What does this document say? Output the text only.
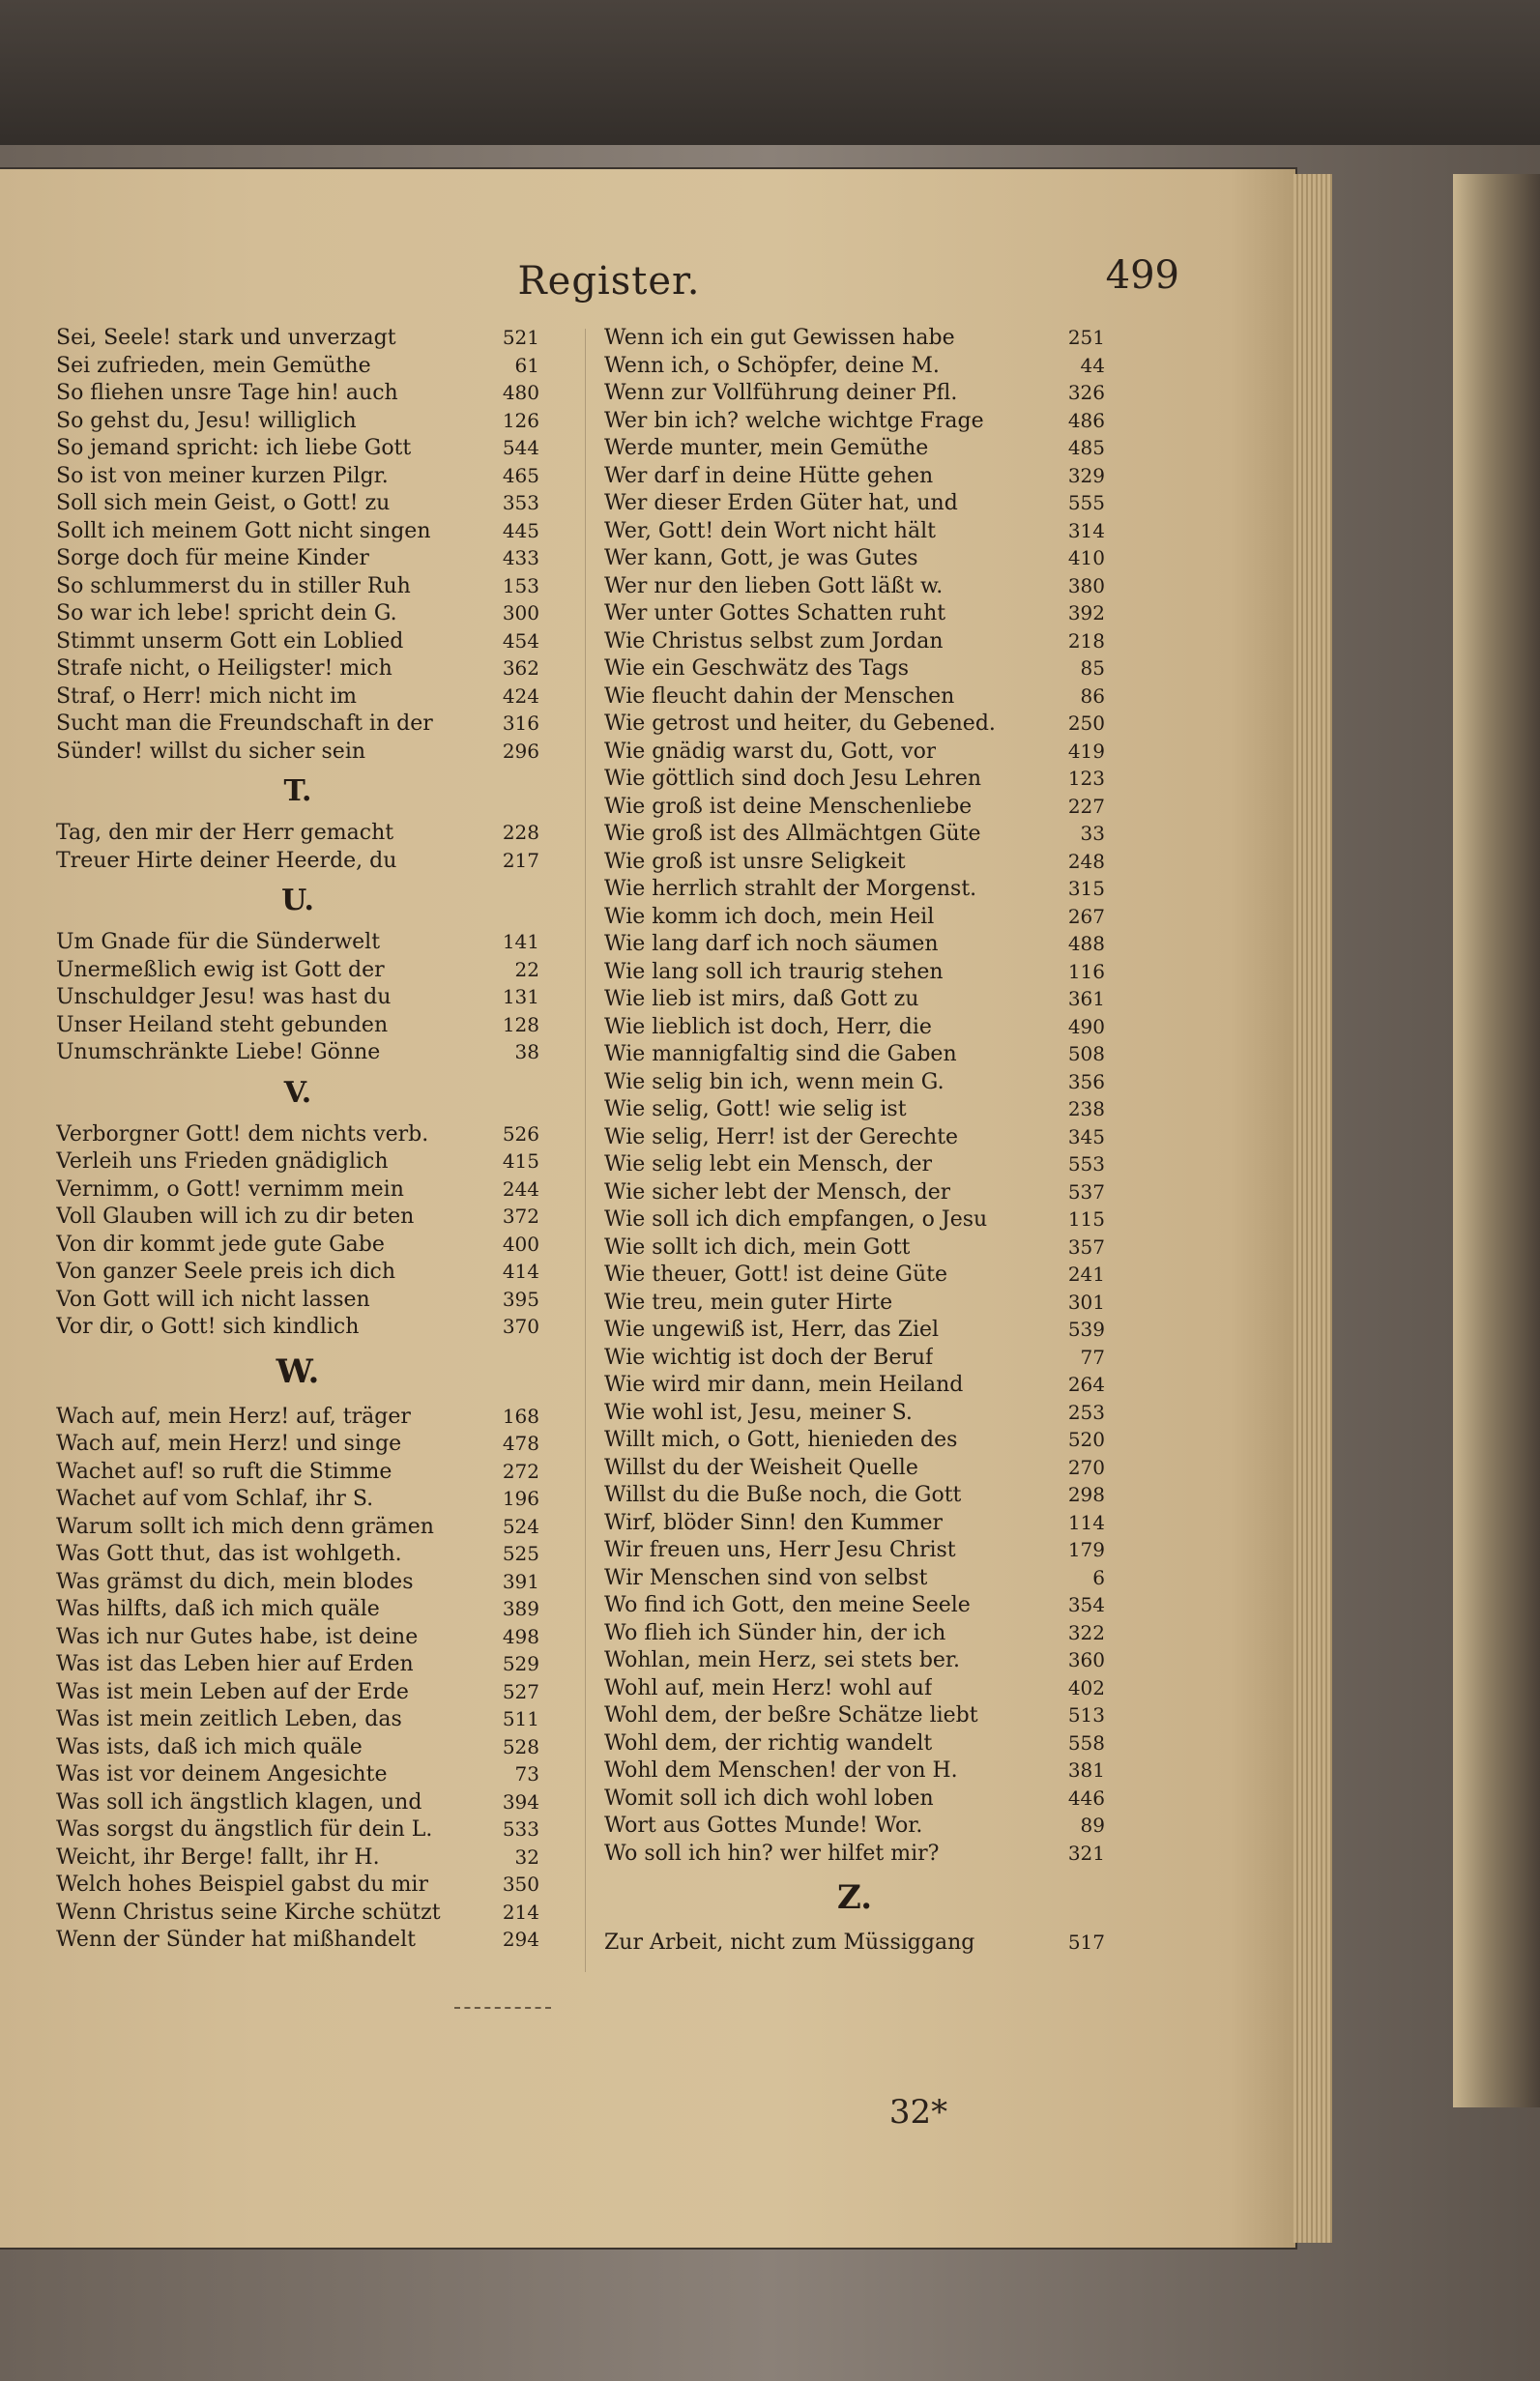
Register.	499
Sei, Seele! stark und unverzagt	521
Sei zufrieden, mein Gemüthe	61
So fliehen unsre Tage hin! auch	480
So gehst du, Jesu! williglich	126
So jemand spricht: ich liebe Gott	544
So ist von meiner kurzen Pilgr.	465
Soll sich mein Geist, o Gott! zu	353
Sollt ich meinem Gott nicht singen	445
Sorge doch für meine Kinder	433
So schlummerst du in stiller Ruh	153
So war ich lebe! spricht dein G.	300
Stimmt unserm Gott ein Loblied	454
Strafe nicht, o Heiligster! mich	362
Straf, o Herr! mich nicht im	424
Sucht man die Freundschaft in der	316
Sünder! willst du sicher sein	296
T.
Tag, den mir der Herr gemacht	228
Treuer Hirte deiner Heerde, du	217
U.
Um Gnade für die Sünderwelt	141
Unermeßlich ewig ist Gott der	22
Unschuldger Jesu! was hast du	131
Unser Heiland steht gebunden	128
Unumschränkte Liebe! Gönne	38
V.
Verborgner Gott! dem nichts verb.	526
Verleih uns Frieden gnädiglich	415
Vernimm, o Gott! vernimm mein	244
Voll Glauben will ich zu dir beten	372
Von dir kommt jede gute Gabe	400
Von ganzer Seele preis ich dich	414
Von Gott will ich nicht lassen	395
Vor dir, o Gott! sich kindlich	370
W.
Wach auf, mein Herz! auf, träger	168
Wach auf, mein Herz! und singe	478
Wachet auf! so ruft die Stimme	272
Wachet auf vom Schlaf, ihr S.	196
Warum sollt ich mich denn grämen	524
Was Gott thut, das ist wohlgeth.	525
Was grämst du dich, mein blodes	391
Was hilfts, daß ich mich quäle	389
Was ich nur Gutes habe, ist deine	498
Was ist das Leben hier auf Erden	529
Was ist mein Leben auf der Erde	527
Was ist mein zeitlich Leben, das	511
Was ists, daß ich mich quäle	528
Was ist vor deinem Angesichte	73
Was soll ich ängstlich klagen, und	394
Was sorgst du ängstlich für dein L.	533
Weicht, ihr Berge! fallt, ihr H.	32
Welch hohes Beispiel gabst du mir	350
Wenn Christus seine Kirche schützt	214
Wenn der Sünder hat mißhandelt	294
Wenn ich ein gut Gewissen habe	251
Wenn ich, o Schöpfer, deine M.	44
Wenn zur Vollführung deiner Pfl.	326
Wer bin ich? welche wichtge Frage	486
Werde munter, mein Gemüthe	485
Wer darf in deine Hütte gehen	329
Wer dieser Erden Güter hat, und	555
Wer, Gott! dein Wort nicht hält	314
Wer kann, Gott, je was Gutes	410
Wer nur den lieben Gott läßt w.	380
Wer unter Gottes Schatten ruht	392
Wie Christus selbst zum Jordan	218
Wie ein Geschwätz des Tags	85
Wie fleucht dahin der Menschen	86
Wie getrost und heiter, du Gebened.	250
Wie gnädig warst du, Gott, vor	419
Wie göttlich sind doch Jesu Lehren	123
Wie groß ist deine Menschenliebe	227
Wie groß ist des Allmächtgen Güte	33
Wie groß ist unsre Seligkeit	248
Wie herrlich strahlt der Morgenst.	315
Wie komm ich doch, mein Heil	267
Wie lang darf ich noch säumen	488
Wie lang soll ich traurig stehen	116
Wie lieb ist mirs, daß Gott zu	361
Wie lieblich ist doch, Herr, die	490
Wie mannigfaltig sind die Gaben	508
Wie selig bin ich, wenn mein G.	356
Wie selig, Gott! wie selig ist	238
Wie selig, Herr! ist der Gerechte	345
Wie selig lebt ein Mensch, der	553
Wie sicher lebt der Mensch, der	537
Wie soll ich dich empfangen, o Jesu	115
Wie sollt ich dich, mein Gott	357
Wie theuer, Gott! ist deine Güte	241
Wie treu, mein guter Hirte	301
Wie ungewiß ist, Herr, das Ziel	539
Wie wichtig ist doch der Beruf	77
Wie wird mir dann, mein Heiland	264
Wie wohl ist, Jesu, meiner S.	253
Willt mich, o Gott, hienieden des	520
Willst du der Weisheit Quelle	270
Willst du die Buße noch, die Gott	298
Wirf, blöder Sinn! den Kummer	114
Wir freuen uns, Herr Jesu Christ	179
Wir Menschen sind von selbst	6
Wo find ich Gott, den meine Seele	354
Wo flieh ich Sünder hin, der ich	322
Wohlan, mein Herz, sei stets ber.	360
Wohl auf, mein Herz! wohl auf	402
Wohl dem, der beßre Schätze liebt	513
Wohl dem, der richtig wandelt	558
Wohl dem Menschen! der von H.	381
Womit soll ich dich wohl loben	446
Wort aus Gottes Munde! Wor.	89
Wo soll ich hin? wer hilfet mir?	321
Z.
Zur Arbeit, nicht zum Müssiggang	517
32*
